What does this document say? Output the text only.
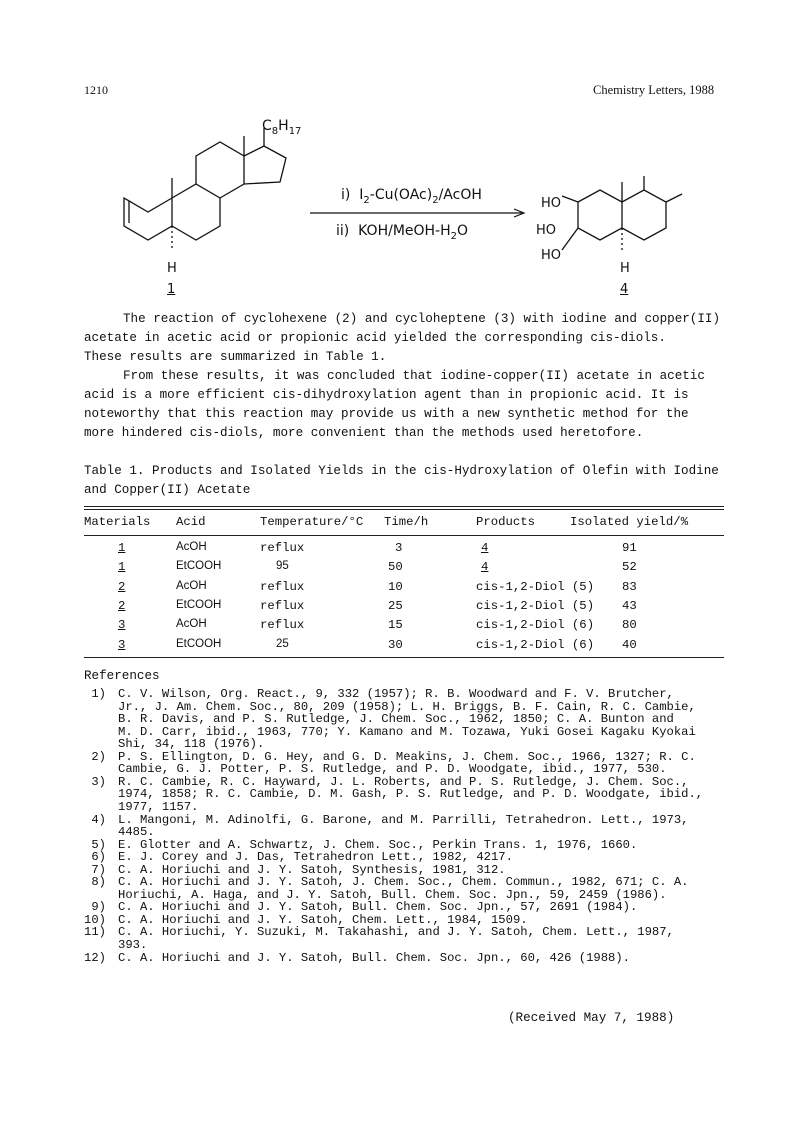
1210	Chemistry Letters, 1988
$C_8H_{17}$
H
1
i)  $I_2-Cu(OAc)_2$/AcOH
ii)  KOH/$MeOH-H_2O$
HO
HO
HO
H
4
The reaction of cyclohexene (2) and cycloheptene (3) with iodine and copper(II)
acetate in acetic acid or propionic acid yielded the corresponding cis-diols.
These results are summarized in Table 1.
From these results, it was concluded that iodine-copper(II) acetate in acetic
acid is a more efficient cis-dihydroxylation agent than in propionic acid. It is
noteworthy that this reaction may provide us with a new synthetic method for the
more hindered cis-diols, more convenient than the methods used heretofore.
Table 1. Products and Isolated Yields in the cis-Hydroxylation of Olefin with Iodine
and Copper(II) Acetate
Materials Acid	Temperature/°C Time/h	Products	Isolated yield/%
1	AcOH	reflux	3	4	91
1	EtCOOH	95	50	4	52
2	AcOH	reflux	10	cis-1,2-Diol (5) 83
2	EtCOOH	reflux	25	cis-1,2-Diol (5) 43
3	AcOH	reflux	15	cis-1,2-Diol (6) 80
3	EtCOOH	25	30	cis-1,2-Diol (6) 40
References
1) C. V. Wilson, Org. React., 9, 332 (1957); R. B. Woodward and F. V. Brutcher,
Jr., J. Am. Chem. Soc., 80, 209 (1958); L. H. Briggs, B. F. Cain, R. C. Cambie,
B. R. Davis, and P. S. Rutledge, J. Chem. Soc., 1962, 1850; C. A. Bunton and
M. D. Carr, ibid., 1963, 770; Y. Kamano and M. Tozawa, Yuki Gosei Kagaku Kyokai
Shi, 34, 118 (1976).
2) P. S. Ellington, D. G. Hey, and G. D. Meakins, J. Chem. Soc., 1966, 1327; R. C.
Cambie, G. J. Potter, P. S. Rutledge, and P. D. Woodgate, ibid., 1977, 530.
3) R. C. Cambie, R. C. Hayward, J. L. Roberts, and P. S. Rutledge, J. Chem. Soc.,
1974, 1858; R. C. Cambie, D. M. Gash, P. S. Rutledge, and P. D. Woodgate, ibid.,
1977, 1157.
4) L. Mangoni, M. Adinolfi, G. Barone, and M. Parrilli, Tetrahedron. Lett., 1973,
4485.
5) E. Glotter and A. Schwartz, J. Chem. Soc., Perkin Trans. 1, 1976, 1660.
6) E. J. Corey and J. Das, Tetrahedron Lett., 1982, 4217.
7) C. A. Horiuchi and J. Y. Satoh, Synthesis, 1981, 312.
8) C. A. Horiuchi and J. Y. Satoh, J. Chem. Soc., Chem. Commun., 1982, 671; C. A.
Horiuchi, A. Haga, and J. Y. Satoh, Bull. Chem. Soc. Jpn., 59, 2459 (1986).
9) C. A. Horiuchi and J. Y. Satoh, Bull. Chem. Soc. Jpn., 57, 2691 (1984).
10) C. A. Horiuchi and J. Y. Satoh, Chem. Lett., 1984, 1509.
11) C. A. Horiuchi, Y. Suzuki, M. Takahashi, and J. Y. Satoh, Chem. Lett., 1987,
393.
12) C. A. Horiuchi and J. Y. Satoh, Bull. Chem. Soc. Jpn., 60, 426 (1988).
(Received May 7, 1988)
